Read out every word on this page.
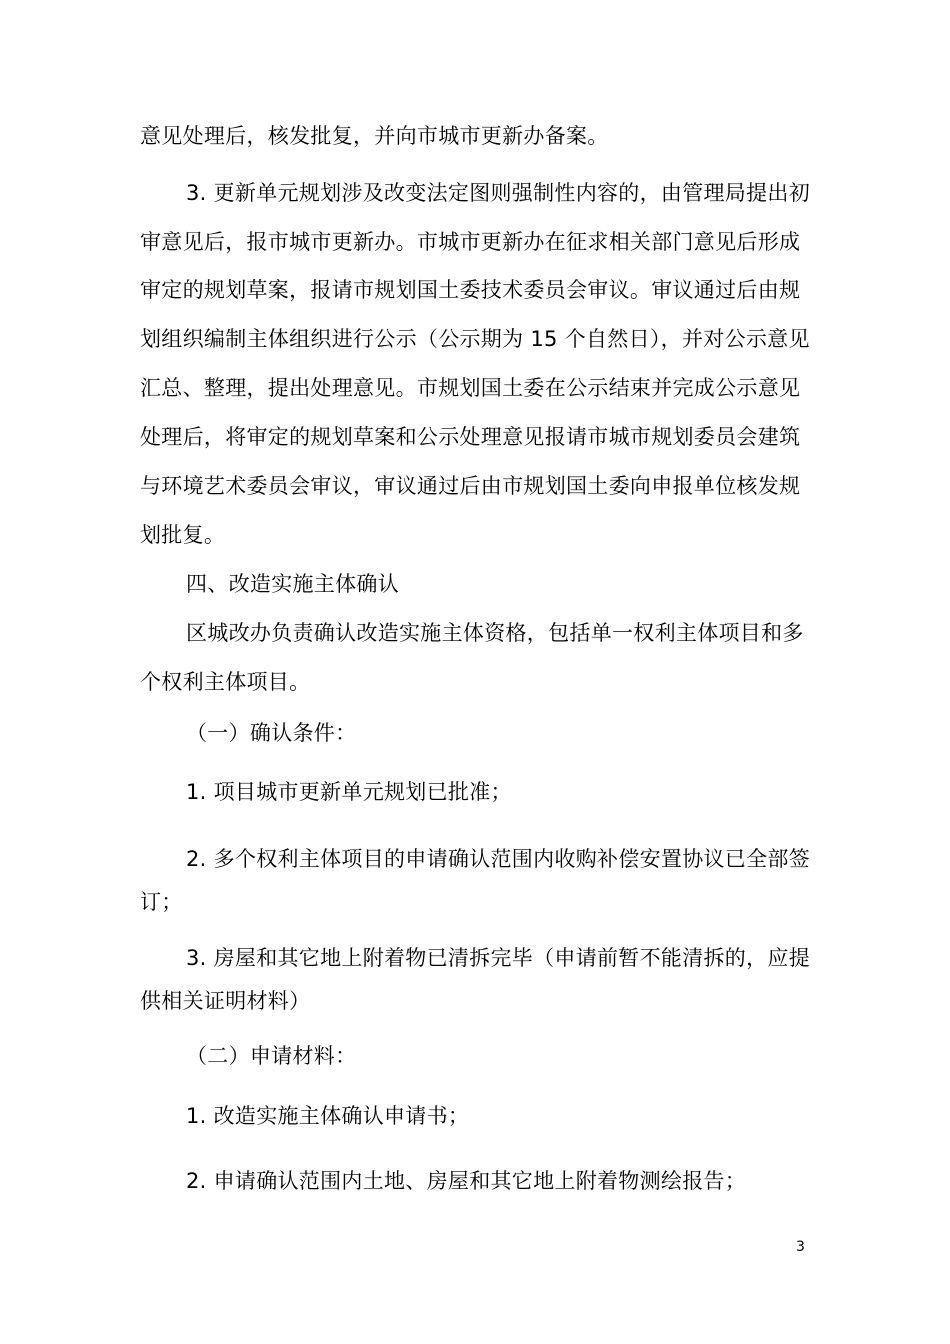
意见处理后，核发批复，并向市城市更新办备案。
3. 更新单元规划涉及改变法定图则强制性内容的，由管理局提出初
审意见后，报市城市更新办。市城市更新办在征求相关部门意见后形成
审定的规划草案，报请市规划国土委技术委员会审议。审议通过后由规
划组织编制主体组织进行公示（公示期为 15 个自然日），并对公示意见
汇总、整理，提出处理意见。市规划国土委在公示结束并完成公示意见
处理后，将审定的规划草案和公示处理意见报请市城市规划委员会建筑
与环境艺术委员会审议，审议通过后由市规划国土委向申报单位核发规
划批复。
四、改造实施主体确认
区城改办负责确认改造实施主体资格，包括单一权利主体项目和多
个权利主体项目。
（一）确认条件：
1. 项目城市更新单元规划已批准；
2. 多个权利主体项目的申请确认范围内收购补偿安置协议已全部签
订；
3. 房屋和其它地上附着物已清拆完毕（申请前暂不能清拆的，应提
供相关证明材料）
（二）申请材料：
1. 改造实施主体确认申请书；
2. 申请确认范围内土地、房屋和其它地上附着物测绘报告；
3
